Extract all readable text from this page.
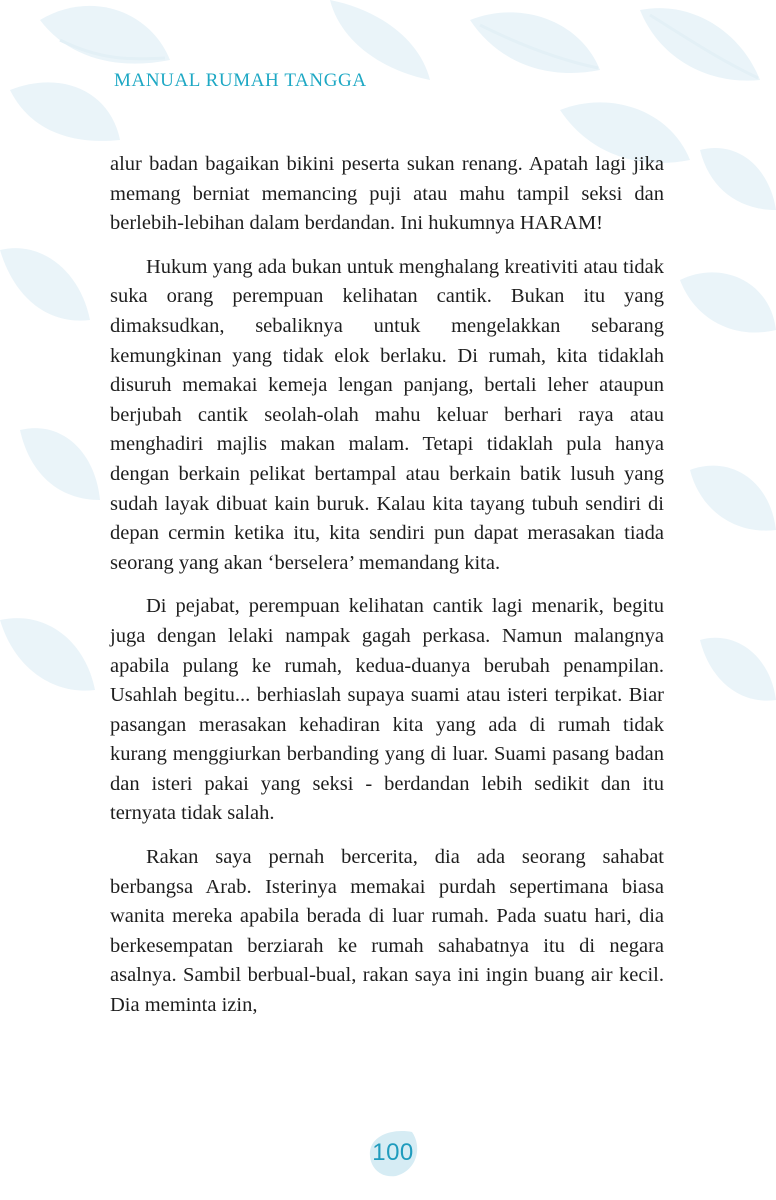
MANUAL RUMAH TANGGA

alur badan bagaikan bikini peserta sukan renang. Apatah lagi jika memang berniat memancing puji atau mahu tampil seksi dan berlebih-lebihan dalam berdandan. Ini hukumnya HARAM!

Hukum yang ada bukan untuk menghalang kreativiti atau tidak suka orang perempuan kelihatan cantik. Bukan itu yang dimaksudkan, sebaliknya untuk mengelakkan sebarang kemungkinan yang tidak elok berlaku. Di rumah, kita tidaklah disuruh memakai kemeja lengan panjang, bertali leher ataupun berjubah cantik seolah-olah mahu keluar berhari raya atau menghadiri majlis makan malam. Tetapi tidaklah pula hanya dengan berkain pelikat bertampal atau berkain batik lusuh yang sudah layak dibuat kain buruk. Kalau kita tayang tubuh sendiri di depan cermin ketika itu, kita sendiri pun dapat merasakan tiada seorang yang akan ‘berselera’ memandang kita.

Di pejabat, perempuan kelihatan cantik lagi menarik, begitu juga dengan lelaki nampak gagah perkasa. Namun malangnya apabila pulang ke rumah, kedua-duanya berubah penampilan. Usahlah begitu... berhiaslah supaya suami atau isteri terpikat. Biar pasangan merasakan kehadiran kita yang ada di rumah tidak kurang menggiurkan berbanding yang di luar. Suami pasang badan dan isteri pakai yang seksi - berdandan lebih sedikit dan itu ternyata tidak salah.

Rakan saya pernah bercerita, dia ada seorang sahabat berbangsa Arab. Isterinya memakai purdah sepertimana biasa wanita mereka apabila berada di luar rumah. Pada suatu hari, dia berkesempatan berziarah ke rumah sahabatnya itu di negara asalnya. Sambil berbual-bual, rakan saya ini ingin buang air kecil. Dia meminta izin,

100
